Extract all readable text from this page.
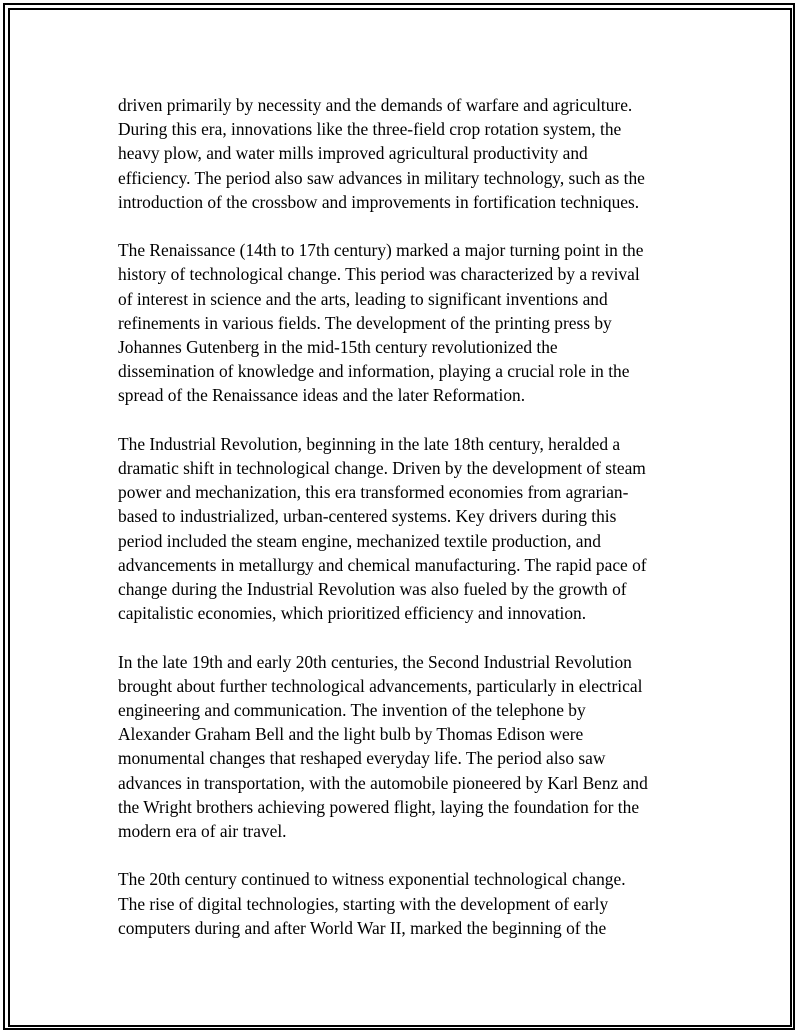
driven primarily by necessity and the demands of warfare and agriculture.
During this era, innovations like the three-field crop rotation system, the
heavy plow, and water mills improved agricultural productivity and
efficiency. The period also saw advances in military technology, such as the
introduction of the crossbow and improvements in fortification techniques.

The Renaissance (14th to 17th century) marked a major turning point in the
history of technological change. This period was characterized by a revival
of interest in science and the arts, leading to significant inventions and
refinements in various fields. The development of the printing press by
Johannes Gutenberg in the mid-15th century revolutionized the
dissemination of knowledge and information, playing a crucial role in the
spread of the Renaissance ideas and the later Reformation.

The Industrial Revolution, beginning in the late 18th century, heralded a
dramatic shift in technological change. Driven by the development of steam
power and mechanization, this era transformed economies from agrarian-
based to industrialized, urban-centered systems. Key drivers during this
period included the steam engine, mechanized textile production, and
advancements in metallurgy and chemical manufacturing. The rapid pace of
change during the Industrial Revolution was also fueled by the growth of
capitalistic economies, which prioritized efficiency and innovation.

In the late 19th and early 20th centuries, the Second Industrial Revolution
brought about further technological advancements, particularly in electrical
engineering and communication. The invention of the telephone by
Alexander Graham Bell and the light bulb by Thomas Edison were
monumental changes that reshaped everyday life. The period also saw
advances in transportation, with the automobile pioneered by Karl Benz and
the Wright brothers achieving powered flight, laying the foundation for the
modern era of air travel.

The 20th century continued to witness exponential technological change.
The rise of digital technologies, starting with the development of early
computers during and after World War II, marked the beginning of the
